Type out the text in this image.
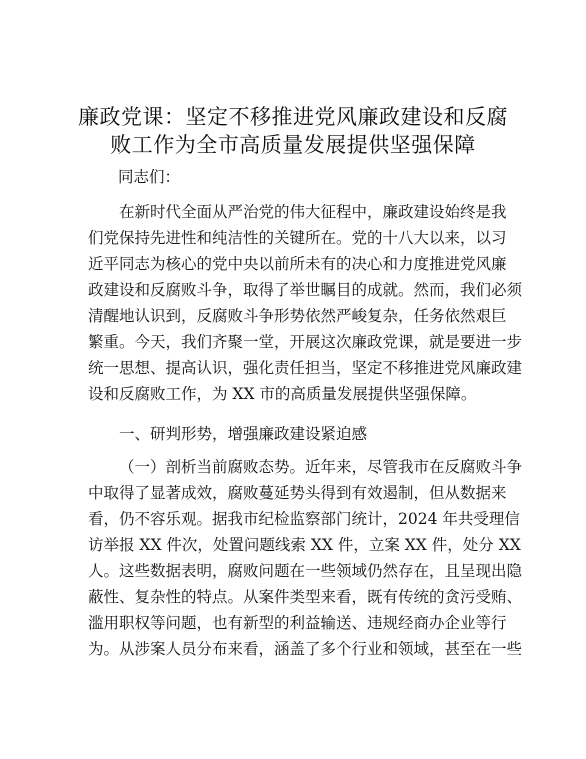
廉政党课：坚定不移推进党风廉政建设和反腐
败工作为全市高质量发展提供坚强保障
同志们：
在新时代全面从严治党的伟大征程中，廉政建设始终是我
们党保持先进性和纯洁性的关键所在。党的十八大以来，以习
近平同志为核心的党中央以前所未有的决心和力度推进党风廉
政建设和反腐败斗争，取得了举世瞩目的成就。然而，我们必须
清醒地认识到，反腐败斗争形势依然严峻复杂，任务依然艰巨
繁重。今天，我们齐聚一堂，开展这次廉政党课，就是要进一步
统一思想、提高认识，强化责任担当，坚定不移推进党风廉政建
设和反腐败工作，为 XX 市的高质量发展提供坚强保障。
一、研判形势，增强廉政建设紧迫感
（一）剖析当前腐败态势。近年来，尽管我市在反腐败斗争
中取得了显著成效，腐败蔓延势头得到有效遏制，但从数据来
看，仍不容乐观。据我市纪检监察部门统计，2024 年共受理信
访举报 XX 件次，处置问题线索 XX 件，立案 XX 件，处分 XX
人。这些数据表明，腐败问题在一些领域仍然存在，且呈现出隐
蔽性、复杂性的特点。从案件类型来看，既有传统的贪污受贿、
滥用职权等问题，也有新型的利益输送、违规经商办企业等行
为。从涉案人员分布来看，涵盖了多个行业和领域，甚至在一些
